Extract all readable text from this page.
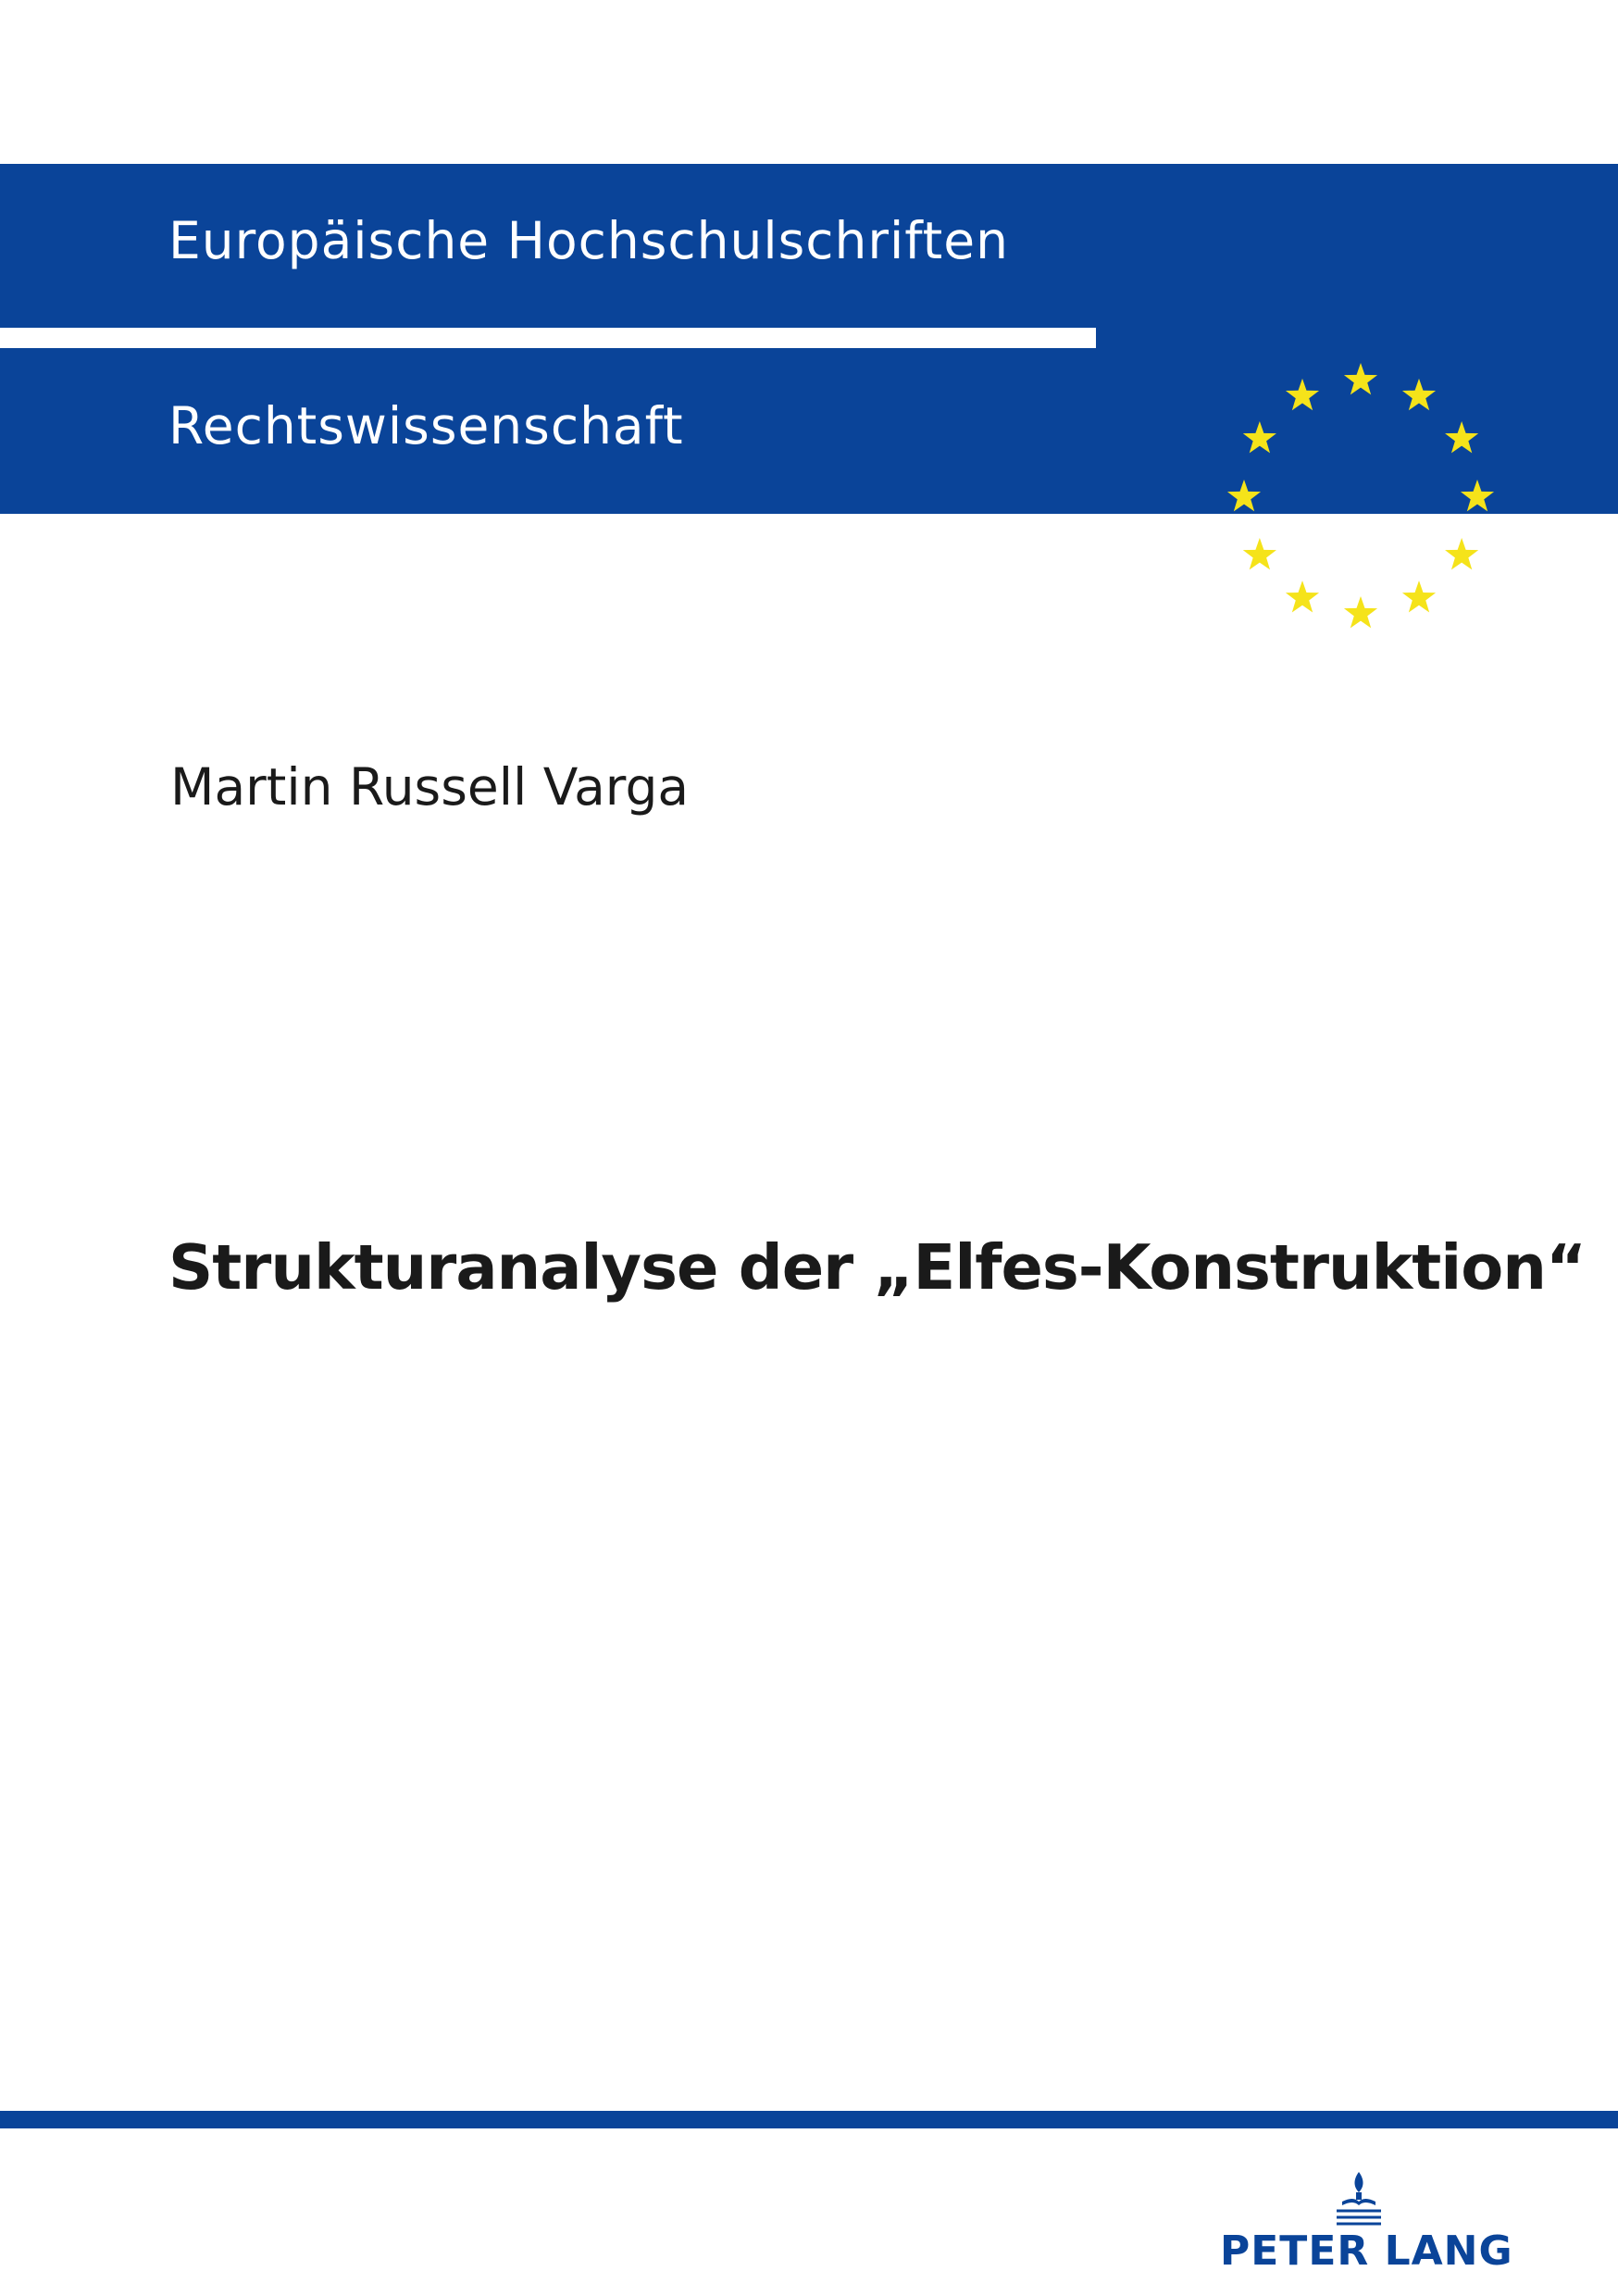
Europäische Hochschulschriften
Rechtswissenschaft
Martin Russell Varga
Strukturanalyse der „Elfes-Konstruktion“
PETER LANG
